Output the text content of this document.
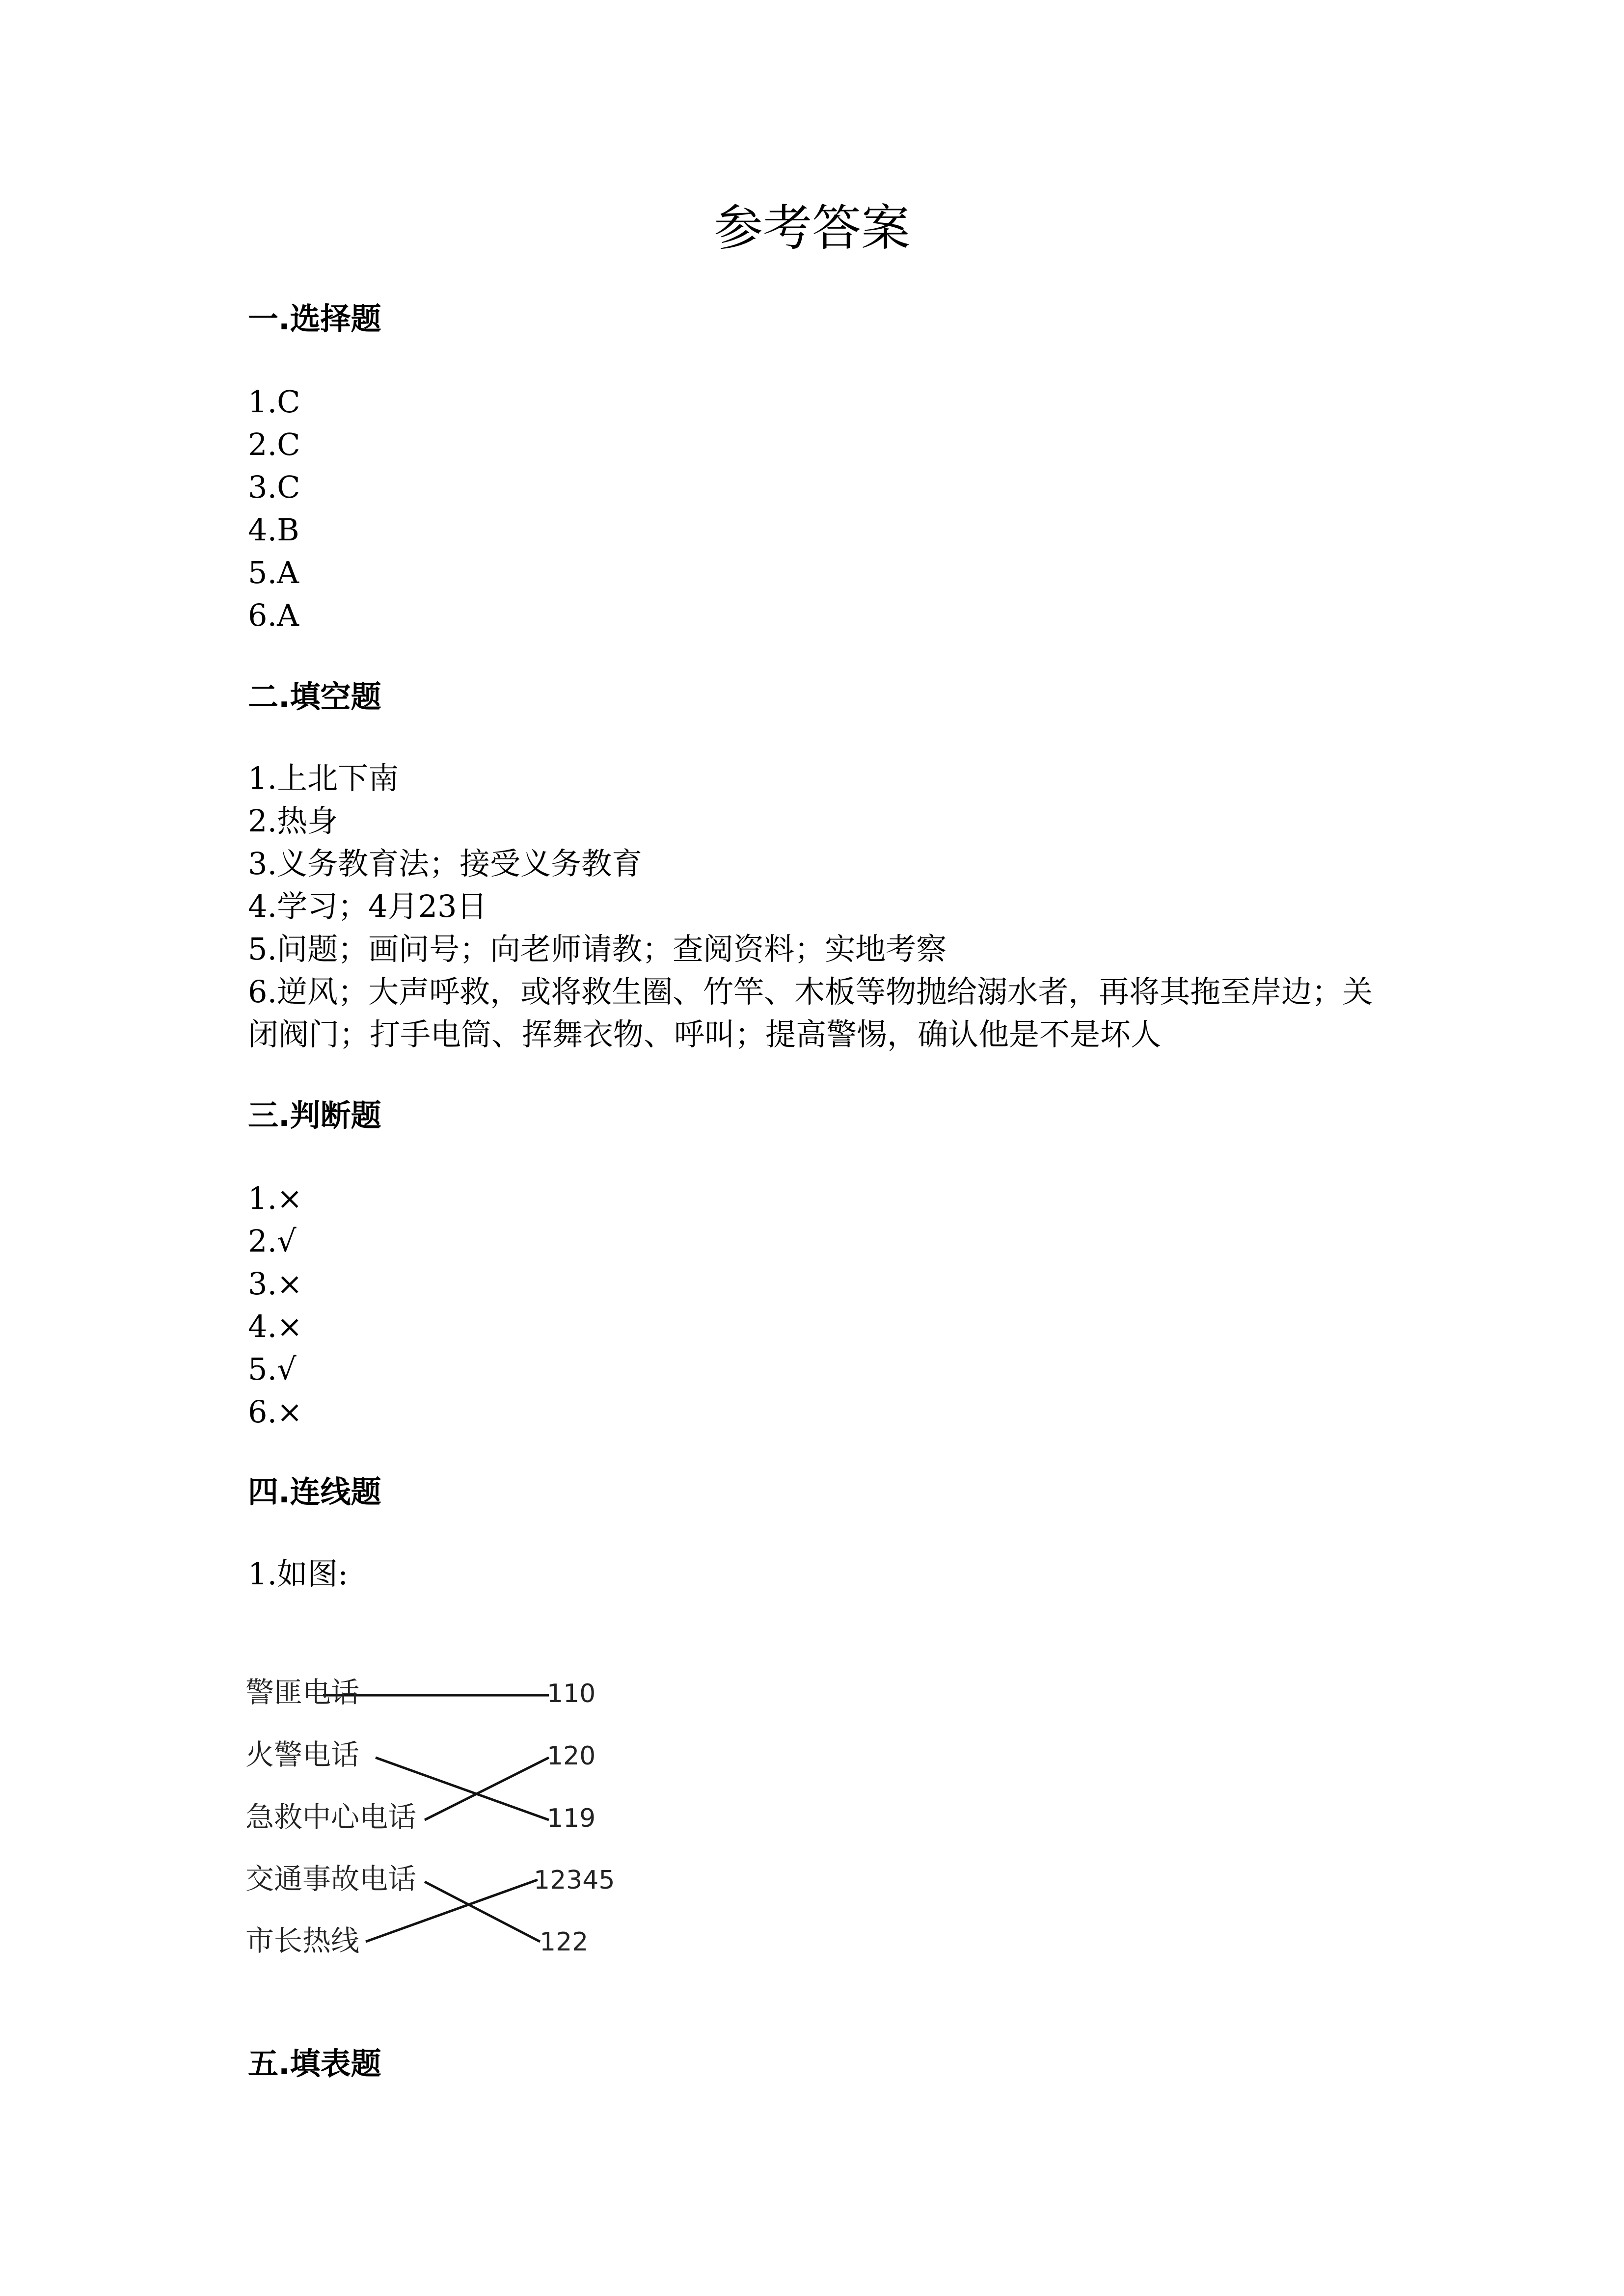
参考答案
一.选择题
1.C
2.C
3.C
4.B
5.A
6.A
二.填空题
1.上北下南
2.热身
3.义务教育法；接受义务教育
4.学习；4月23日
5.问题；画问号；向老师请教；查阅资料；实地考察
6.逆风；大声呼救，或将救生圈、竹竿、木板等物抛给溺水者，再将其拖至岸边；关闭阀门；打手电筒、挥舞衣物、呼叫；提高警惕，确认他是不是坏人
三.判断题
1.×
2.√
3.×
4.×
5.√
6.×
四.连线题
1.如图:
警匪电话
火警电话
急救中心电话
交通事故电话
市长热线
110
120
119
12345
122
五.填表题
